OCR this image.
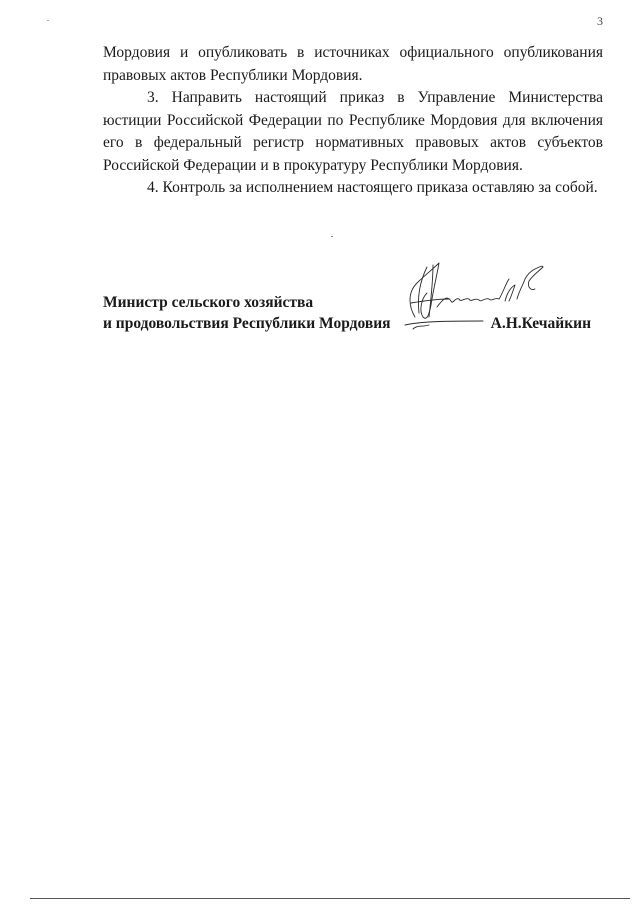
3

Мордовия и опубликовать в источниках официального опубликования правовых актов Республики Мордовия.

3. Направить настоящий приказ в Управление Министерства юстиции Российской Федерации по Республике Мордовия для включения его в федеральный регистр нормативных правовых актов субъектов Российской Федерации и в прокуратуру Республики Мордовия.

4. Контроль за исполнением настоящего приказа оставляю за собой.

Министр сельского хозяйства
и продовольствия Республики Мордовия	А.Н.Кечайкин
